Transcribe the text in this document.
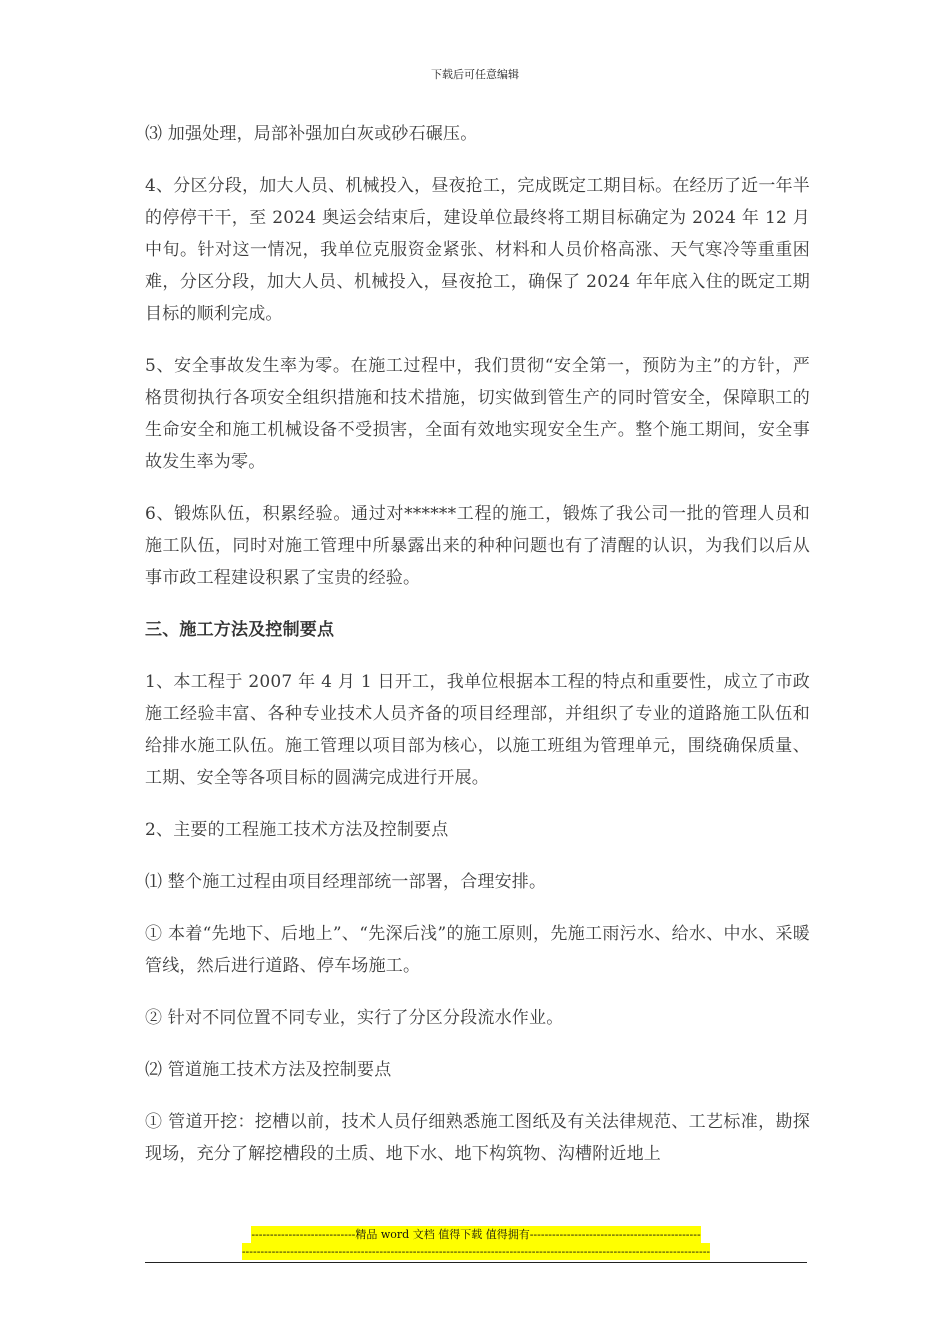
下载后可任意编辑

⑶ 加强处理，局部补强加白灰或砂石碾压。

4、分区分段，加大人员、机械投入，昼夜抢工，完成既定工期目标。在经历了近一年半的停停干干，至 2024 奥运会结束后，建设单位最终将工期目标确定为 2024 年 12 月中旬。针对这一情况，我单位克服资金紧张、材料和人员价格高涨、天气寒冷等重重困难，分区分段，加大人员、机械投入，昼夜抢工，确保了 2024 年年底入住的既定工期目标的顺利完成。

5、安全事故发生率为零。在施工过程中，我们贯彻“安全第一，预防为主”的方针，严格贯彻执行各项安全组织措施和技术措施，切实做到管生产的同时管安全，保障职工的生命安全和施工机械设备不受损害，全面有效地实现安全生产。整个施工期间，安全事故发生率为零。

6、锻炼队伍，积累经验。通过对******工程的施工，锻炼了我公司一批的管理人员和施工队伍，同时对施工管理中所暴露出来的种种问题也有了清醒的认识，为我们以后从事市政工程建设积累了宝贵的经验。

三、施工方法及控制要点

1、本工程于 2007 年 4 月 1 日开工，我单位根据本工程的特点和重要性，成立了市政施工经验丰富、各种专业技术人员齐备的项目经理部，并组织了专业的道路施工队伍和给排水施工队伍。施工管理以项目部为核心，以施工班组为管理单元，围绕确保质量、工期、安全等各项目标的圆满完成进行开展。

2、主要的工程施工技术方法及控制要点

⑴ 整个施工过程由项目经理部统一部署，合理安排。

① 本着“先地下、后地上”、“先深后浅”的施工原则，先施工雨污水、给水、中水、采暖管线，然后进行道路、停车场施工。

② 针对不同位置不同专业，实行了分区分段流水作业。

⑵ 管道施工技术方法及控制要点

① 管道开挖：挖槽以前，技术人员仔细熟悉施工图纸及有关法律规范、工艺标准，勘探现场，充分了解挖槽段的土质、地下水、地下构筑物、沟槽附近地上

----------------------------精品 word 文档 值得下载 值得拥有----------------------------------------------
------------------------------------------------------------------------------------------------------------------------------
